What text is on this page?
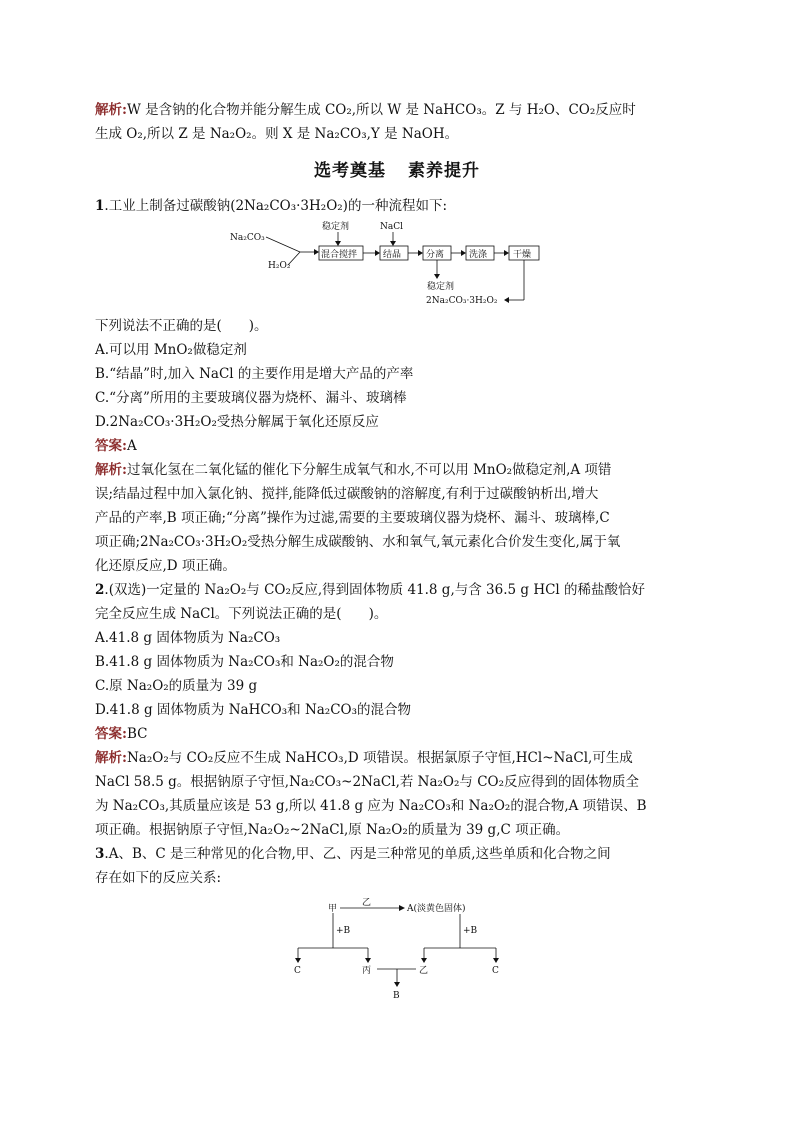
解析:W 是含钠的化合物并能分解生成 CO₂,所以 W 是 NaHCO₃。Z 与 H₂O、CO₂反应时
生成 O₂,所以 Z 是 Na₂O₂。则 X 是 Na₂CO₃,Y 是 NaOH。
选考奠基 素养提升
1.工业上制备过碳酸钠(2Na₂CO₃·3H₂O₂)的一种流程如下:
Na₂CO₃
H₂O₂
稳定剂
混合搅拌
NaCl
结晶	分离	洗涤	干燥
稳定剂
2Na₂CO₃·3H₂O₂
下列说法不正确的是(　　)。
A.可以用 MnO₂做稳定剂
B.“结晶”时,加入 NaCl 的主要作用是增大产品的产率
C.“分离”所用的主要玻璃仪器为烧杯、漏斗、玻璃棒
D.2Na₂CO₃·3H₂O₂受热分解属于氧化还原反应
答案:A
解析:过氧化氢在二氧化锰的催化下分解生成氧气和水,不可以用 MnO₂做稳定剂,A 项错
误;结晶过程中加入氯化钠、搅拌,能降低过碳酸钠的溶解度,有利于过碳酸钠析出,增大
产品的产率,B 项正确;“分离”操作为过滤,需要的主要玻璃仪器为烧杯、漏斗、玻璃棒,C
项正确;2Na₂CO₃·3H₂O₂受热分解生成碳酸钠、水和氧气,氧元素化合价发生变化,属于氧
化还原反应,D 项正确。
2.(双选)一定量的 Na₂O₂与 CO₂反应,得到固体物质 41.8 g,与含 36.5 g HCl 的稀盐酸恰好
完全反应生成 NaCl。下列说法正确的是(　　)。
A.41.8 g 固体物质为 Na₂CO₃
B.41.8 g 固体物质为 Na₂CO₃和 Na₂O₂的混合物
C.原 Na₂O₂的质量为 39 g
D.41.8 g 固体物质为 NaHCO₃和 Na₂CO₃的混合物
答案:BC
解析:Na₂O₂与 CO₂反应不生成 NaHCO₃,D 项错误。根据氯原子守恒,HCl~NaCl,可生成
NaCl 58.5 g。根据钠原子守恒,Na₂CO₃~2NaCl,若 Na₂O₂与 CO₂反应得到的固体物质全
为 Na₂CO₃,其质量应该是 53 g,所以 41.8 g 应为 Na₂CO₃和 Na₂O₂的混合物,A 项错误、B
项正确。根据钠原子守恒,Na₂O₂~2NaCl,原 Na₂O₂的质量为 39 g,C 项正确。
3.A、B、C 是三种常见的化合物,甲、乙、丙是三种常见的单质,这些单质和化合物之间
存在如下的反应关系:
甲
乙
A(淡黄色固体)
+B
C	丙
+B
乙	C
B
